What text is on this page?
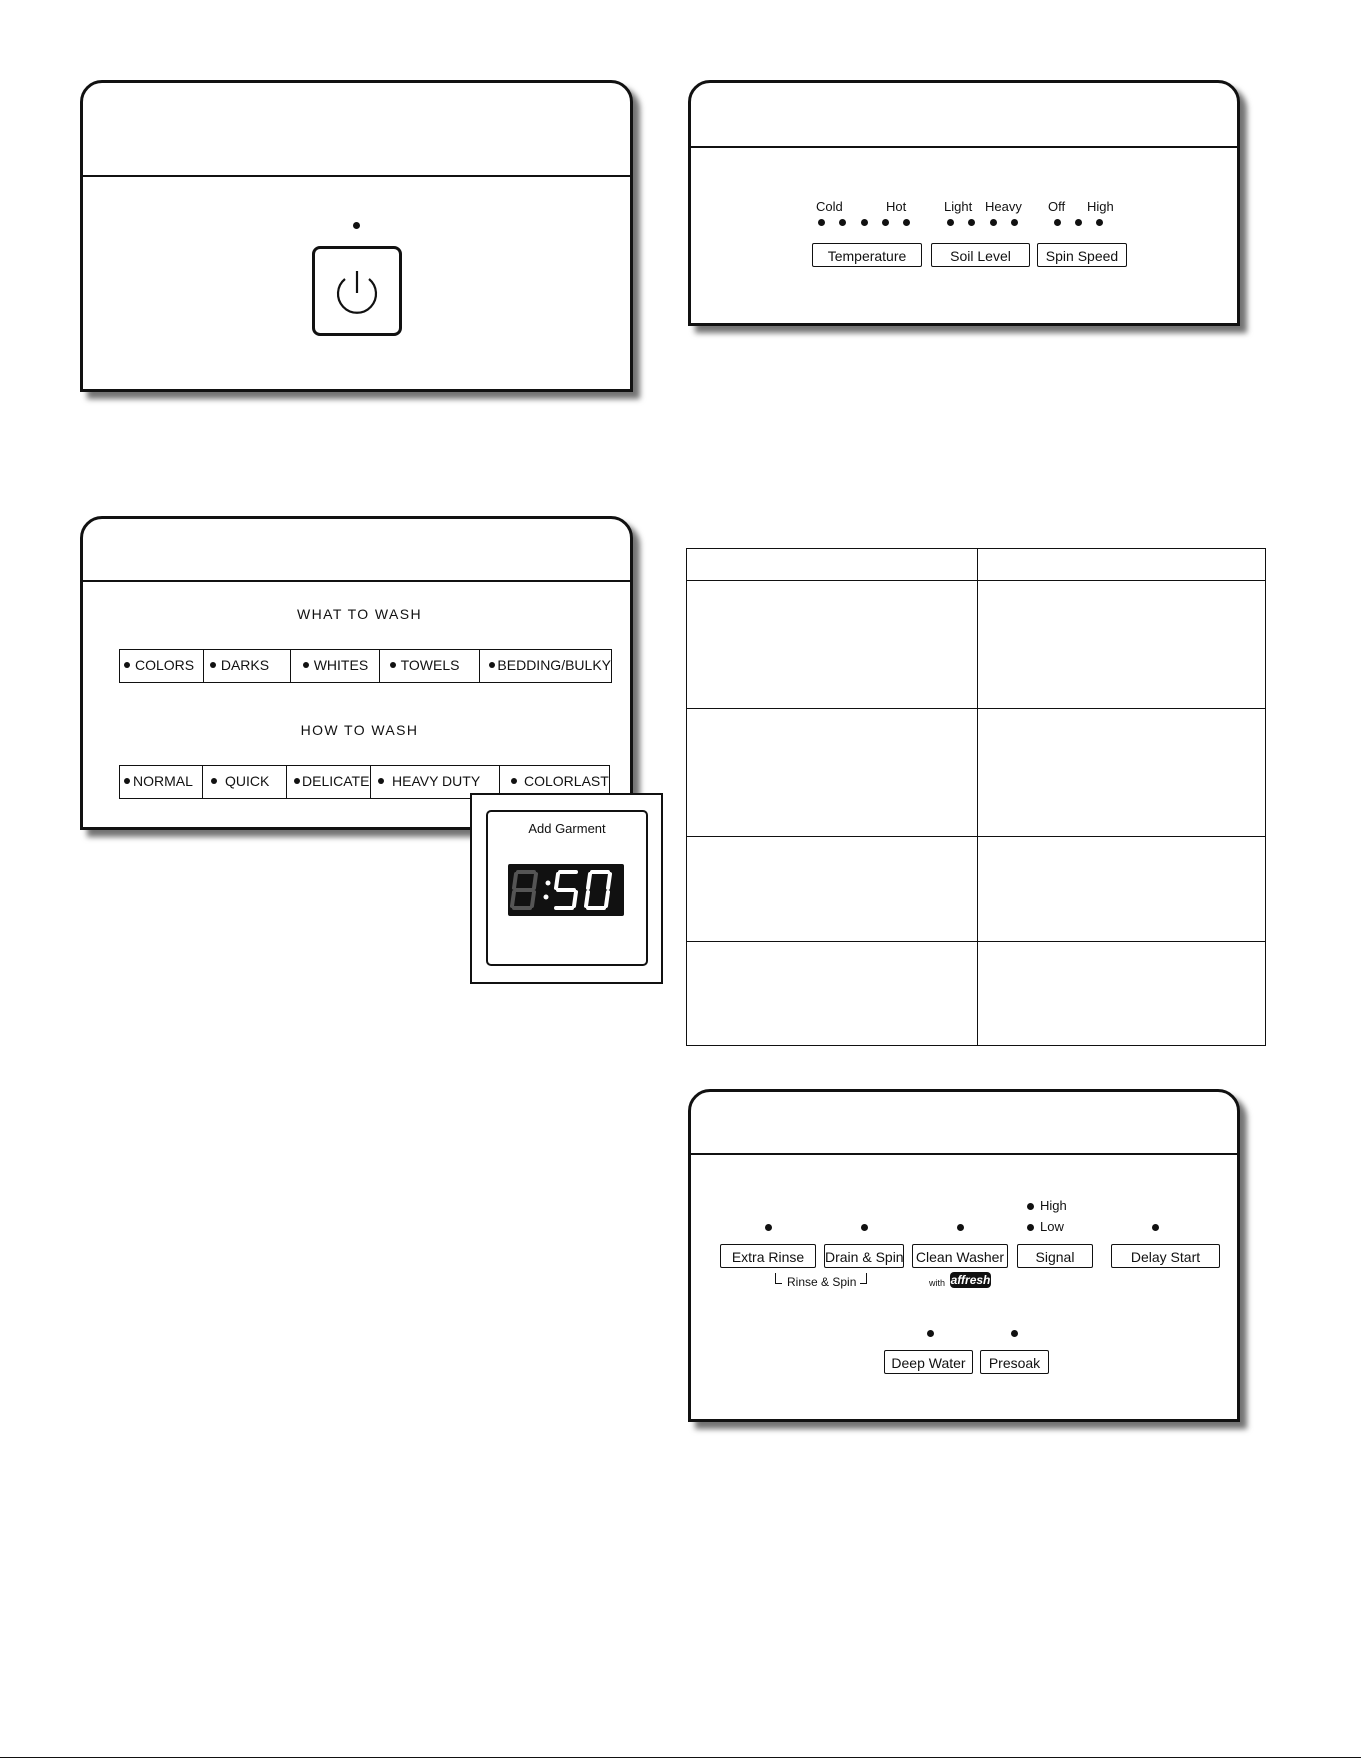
Cold	Hot	Light Heavy Off High
Temperature	Soil Level	Spin Speed
WHAT TO WASH
COLORS	DARKS	WHITES	TOWELS	BEDDING/BULKY
HOW TO WASH
NORMAL	QUICK	DELICATE	HEAVY DUTY	COLORLAST
Add Garment

High
Low
Extra Rinse	Drain & Spin Clean Washer	Signal	Delay Start
Rinse & Spin	with affresh
Deep Water	Presoak
